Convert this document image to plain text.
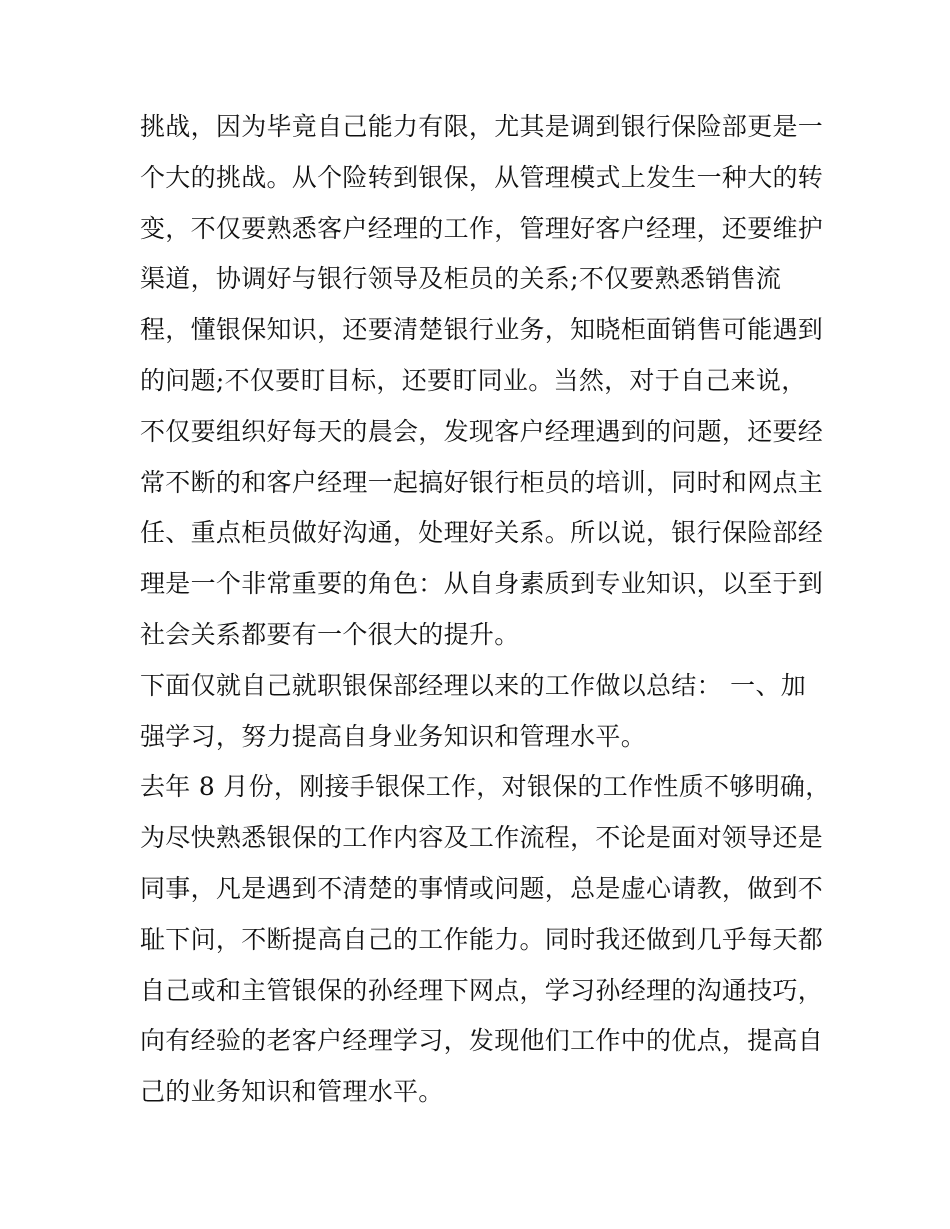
挑战，因为毕竟自己能力有限，尤其是调到银行保险部更是一
个大的挑战。从个险转到银保，从管理模式上发生一种大的转
变，不仅要熟悉客户经理的工作，管理好客户经理，还要维护
渠道，协调好与银行领导及柜员的关系;不仅要熟悉销售流
程，懂银保知识，还要清楚银行业务，知晓柜面销售可能遇到
的问题;不仅要盯目标，还要盯同业。当然，对于自己来说，
不仅要组织好每天的晨会，发现客户经理遇到的问题，还要经
常不断的和客户经理一起搞好银行柜员的培训，同时和网点主
任、重点柜员做好沟通，处理好关系。所以说，银行保险部经
理是一个非常重要的角色：从自身素质到专业知识，以至于到
社会关系都要有一个很大的提升。
下面仅就自己就职银保部经理以来的工作做以总结： 一、加
强学习，努力提高自身业务知识和管理水平。
去年 8 月份，刚接手银保工作，对银保的工作性质不够明确，
为尽快熟悉银保的工作内容及工作流程，不论是面对领导还是
同事，凡是遇到不清楚的事情或问题，总是虚心请教，做到不
耻下问，不断提高自己的工作能力。同时我还做到几乎每天都
自己或和主管银保的孙经理下网点，学习孙经理的沟通技巧，
向有经验的老客户经理学习，发现他们工作中的优点，提高自
己的业务知识和管理水平。
